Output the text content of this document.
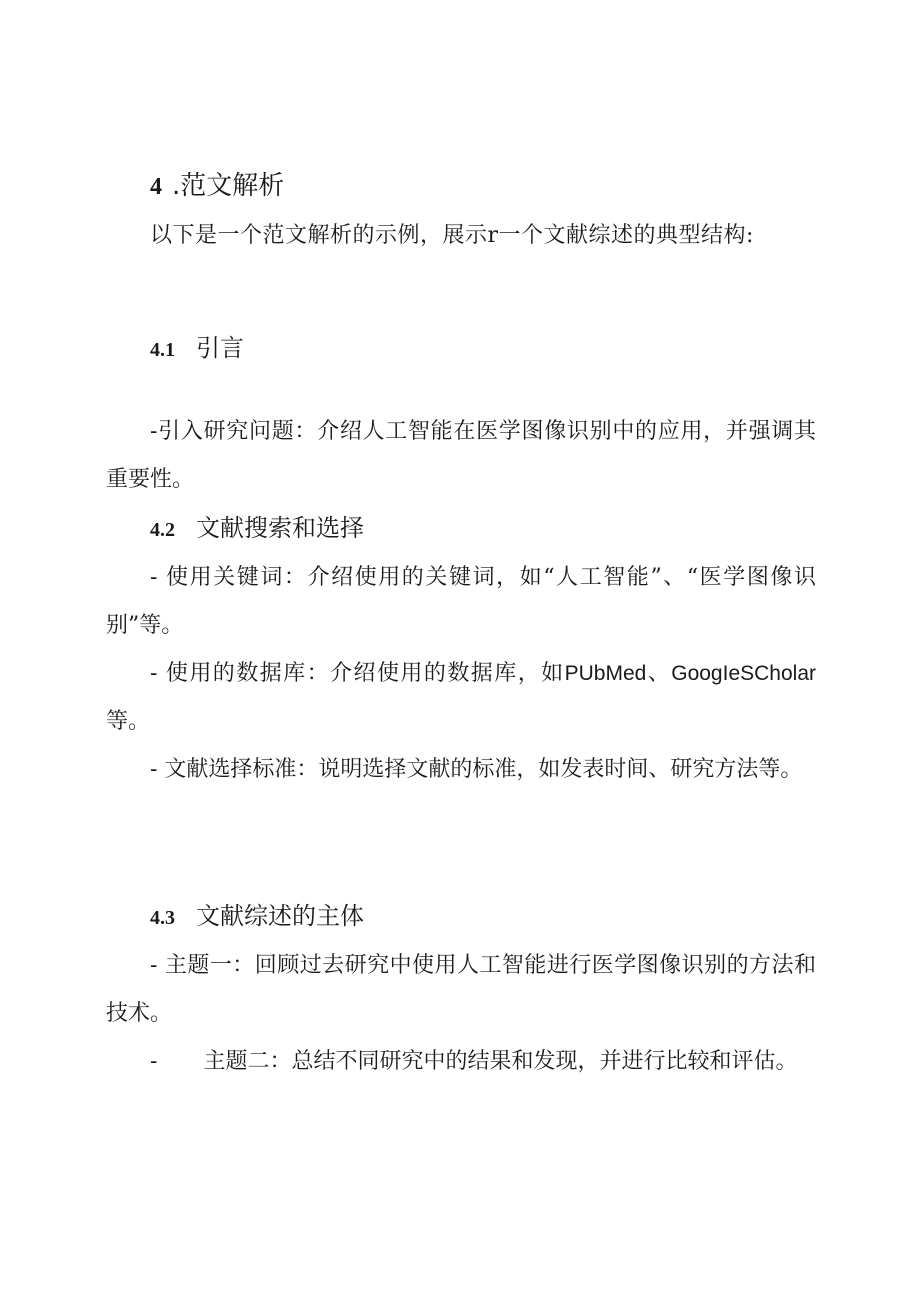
4 .范文解析

以下是一个范文解析的示例，展示r一个文献综述的典型结构:

4.1 引言

-引入研究问题：介绍人工智能在医学图像识别中的应用，并强调其重要性。

4.2 文献搜索和选择

- 使用关键词：介绍使用的关键词，如“人工智能”、“医学图像识别”等。

- 使用的数据库：介绍使用的数据库，如PUbMed、GoogIeSCholar等。

- 文献选择标准：说明选择文献的标准，如发表时间、研究方法等。

4.3 文献综述的主体

- 主题一：回顾过去研究中使用人工智能进行医学图像识别的方法和技术。

- 主题二：总结不同研究中的结果和发现，并进行比较和评估。
